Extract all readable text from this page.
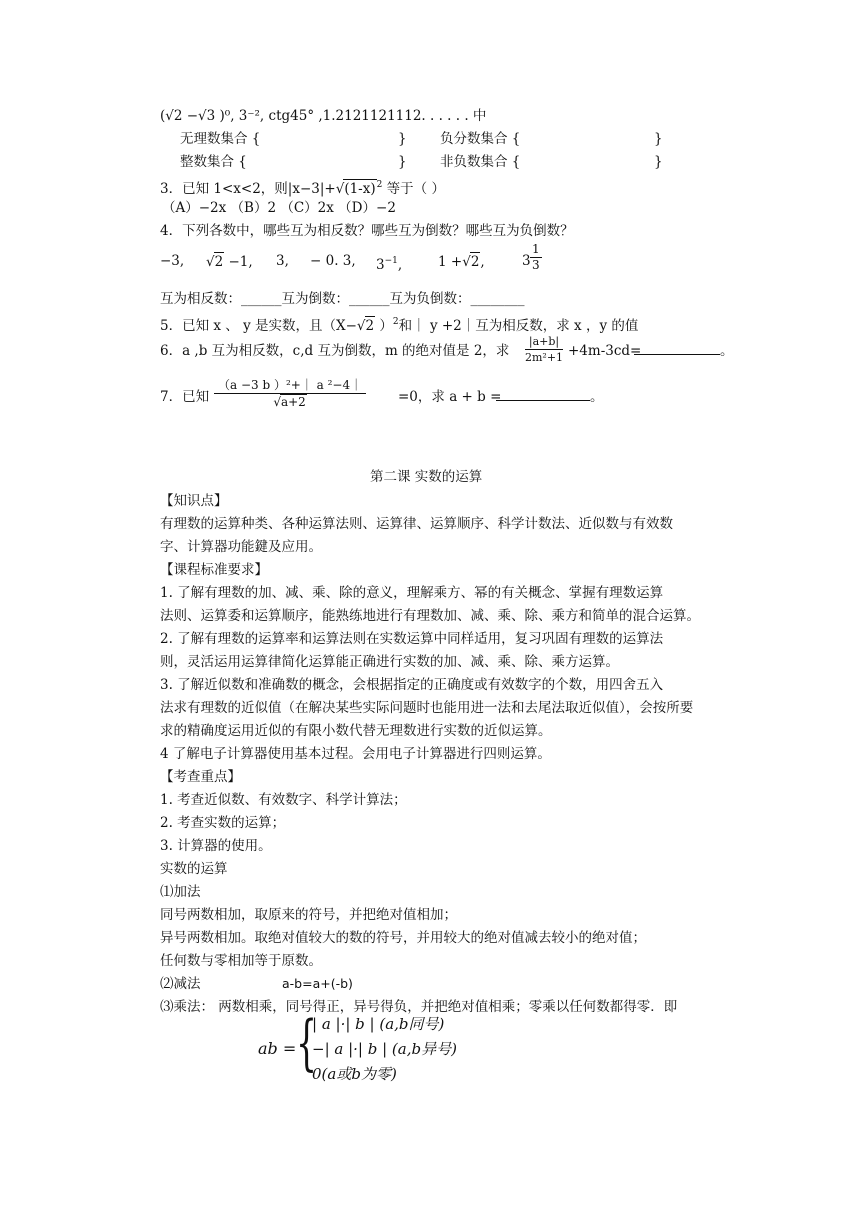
(√2 −√3 )⁰, 3⁻², ctg45° ,1.2121121112. . . . . . 中
无理数集合 {	} 负分数集合 {	}
整数集合 {	} 非负数集合 {	}
3．已知 1<x<2，则$|x-3|+√(1-x)^2$ 等于（ ）
（A）−2x （B）2 （C）2x （D）−2
4．下列各数中，哪些互为相反数？哪些互为倒数？哪些互为负倒数？
−3, √2 −1, 3, − 0. 3, $3^{-1}$,	1 +√2,	$3 \frac{1}{3}$
互为相反数：______互为倒数：______互为负倒数：________
5．已知 x 、 y 是实数，且（X−√2 ）$^2$和｜ y +2｜互为相反数，求 x ，y 的值
6．a ,b 互为相反数，c,d 互为倒数，m 的绝对值是 2，求 $\frac{|a+b|}{\text{2m²+1}} +4m-3cd=$	。
7．已知 $\frac{\text{（a −3 b ）²+｜ a ²−4｜}}{√a+2} =0$，求 a + b =	。
第二课 实数的运算
【知识点】
有理数的运算种类、各种运算法则、运算律、运算顺序、科学计数法、近似数与有效数
字、计算器功能鍵及应用。
【课程标准要求】
1. 了解有理数的加、减、乘、除的意义，理解乘方、幂的有关概念、掌握有理数运算
法则、运算委和运算顺序，能熟练地进行有理数加、减、乘、除、乘方和简单的混合运算。
2. 了解有理数的运算率和运算法则在实数运算中同样适用，复习巩固有理数的运算法
则，灵活运用运算律简化运算能正确进行实数的加、减、乘、除、乘方运算。
3. 了解近似数和准确数的概念，会根据指定的正确度或有效数字的个数，用四舍五入
法求有理数的近似值（在解决某些实际问题时也能用进一法和去尾法取近似值），会按所要
求的精确度运用近似的有限小数代替无理数进行实数的近似运算。
4 了解电子计算器使用基本过程。会用电子计算器进行四则运算。
【考查重点】
1. 考查近似数、有效数字、科学计算法；
2. 考查实数的运算；
3. 计算器的使用。
实数的运算
⑴加法
同号两数相加，取原来的符号，并把绝对值相加；
异号两数相加。取绝对值较大的数的符号，并用较大的绝对值减去较小的绝对值；
任何数与零相加等于原数。
⑵减法	a-b=a+(-b)
⑶乘法： 两数相乘，同号得正，异号得负，并把绝对值相乘；零乘以任何数都得零．即
ab = {
| a |·| b | (a,b同号)
−| a |·| b | (a,b异号)
0(a或b为零)
